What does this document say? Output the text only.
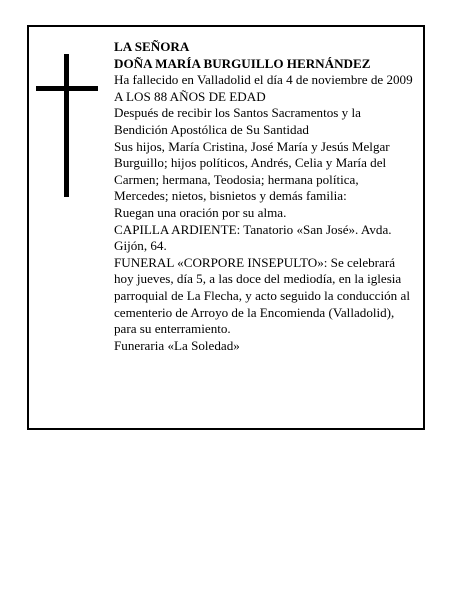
LA SEÑORA

DOÑA MARÍA BURGUILLO HERNÁNDEZ

Ha fallecido en Valladolid el día 4 de noviembre de 2009

A LOS 88 AÑOS DE EDAD

Después de recibir los Santos Sacramentos y la Bendición Apostólica de Su Santidad

Sus hijos, María Cristina, José María y Jesús Melgar Burguillo; hijos políticos, Andrés, Celia y María del Carmen; hermana, Teodosia; hermana política, Mercedes; nietos, bisnietos y demás familia:

Ruegan una oración por su alma.

CAPILLA ARDIENTE: Tanatorio «San José». Avda. Gijón, 64.

FUNERAL «CORPORE INSEPULTO»: Se celebrará hoy jueves, día 5, a las doce del mediodía, en la iglesia parroquial de La Flecha, y acto seguido la conducción al cementerio de Arroyo de la Encomienda (Valladolid), para su enterramiento.

Funeraria «La Soledad»
